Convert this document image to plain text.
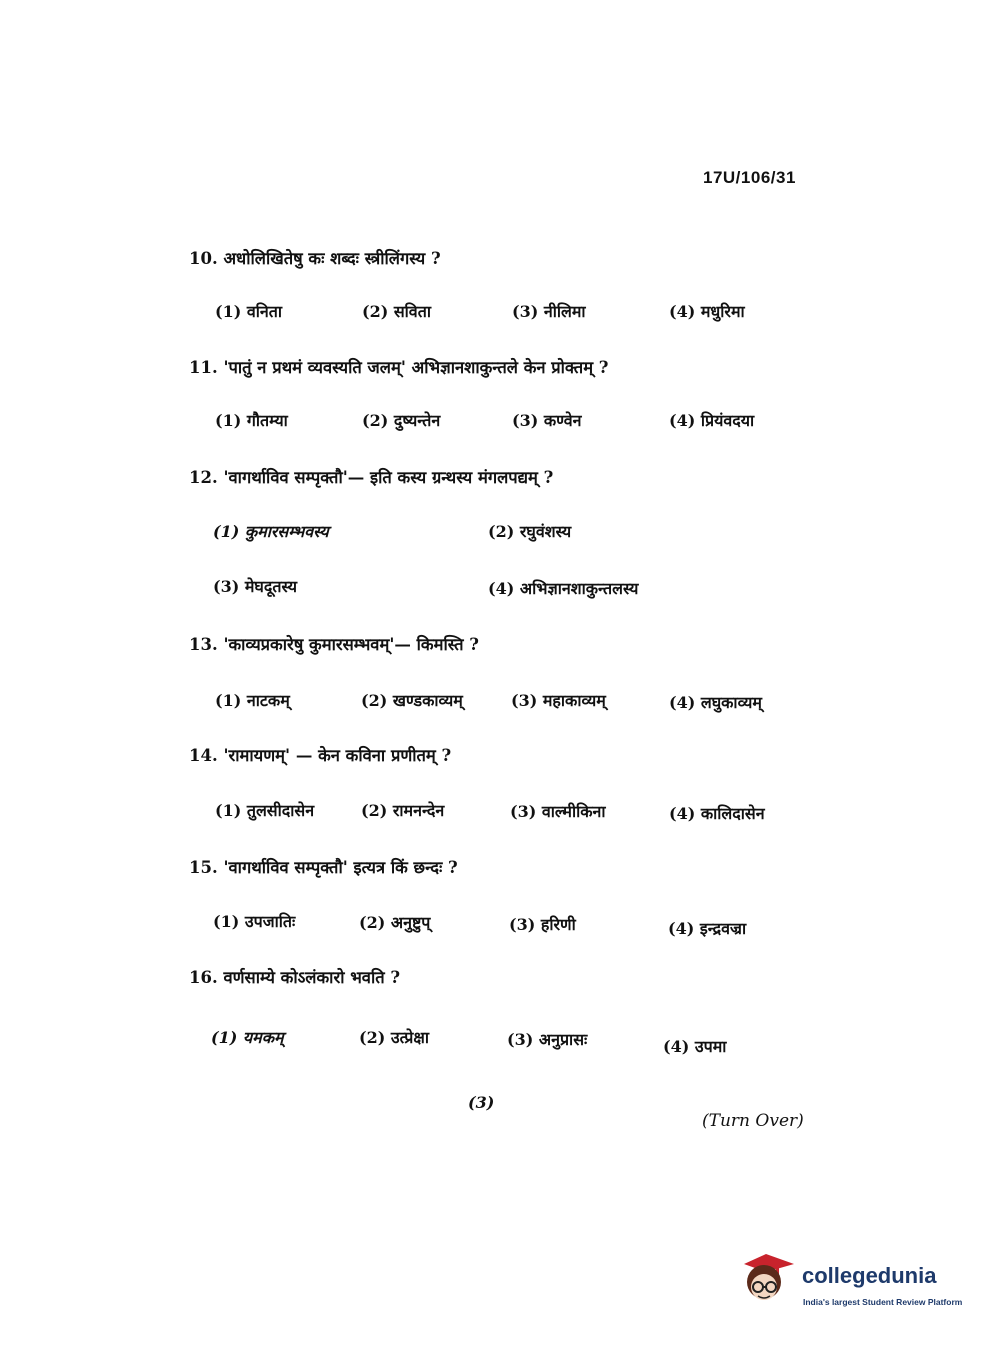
17U/106/31
10. अधोलिखितेषु कः शब्दः स्त्रीलिंगस्य ?
(1) वनिता	(2) सविता	(3) नीलिमा	(4) मधुरिमा
11. 'पातुं न प्रथमं व्यवस्यति जलम्' अभिज्ञानशाकुन्तले केन प्रोक्तम् ?
(1) गौतम्या	(2) दुष्यन्तेन	(3) कण्वेन	(4) प्रियंवदया
12. 'वागर्थाविव सम्पृक्तौ'— इति कस्य ग्रन्थस्य मंगलपद्यम् ?
(1) कुमारसम्भवस्य	(2) रघुवंशस्य
(3) मेघदूतस्य	(4) अभिज्ञानशाकुन्तलस्य
13. 'काव्यप्रकारेषु कुमारसम्भवम्'— किमस्ति ?
(1) नाटकम्	(2) खण्डकाव्यम्	(3) महाकाव्यम्	(4) लघुकाव्यम्
14. 'रामायणम्' — केन कविना प्रणीतम् ?
(1) तुलसीदासेन	(2) रामनन्देन	(3) वाल्मीकिना	(4) कालिदासेन
15. 'वागर्थाविव सम्पृक्तौ' इत्यत्र किं छन्दः ?
(1) उपजातिः	(2) अनुष्टुप्	(3) हरिणी	(4) इन्द्रवज्रा
16. वर्णसाम्ये कोऽलंकारो भवति ?
(1) यमकम्	(2) उत्प्रेक्षा	(3) अनुप्रासः	(4) उपमा
(3)
(Turn Over)
collegedunia
India's largest Student Review Platform
